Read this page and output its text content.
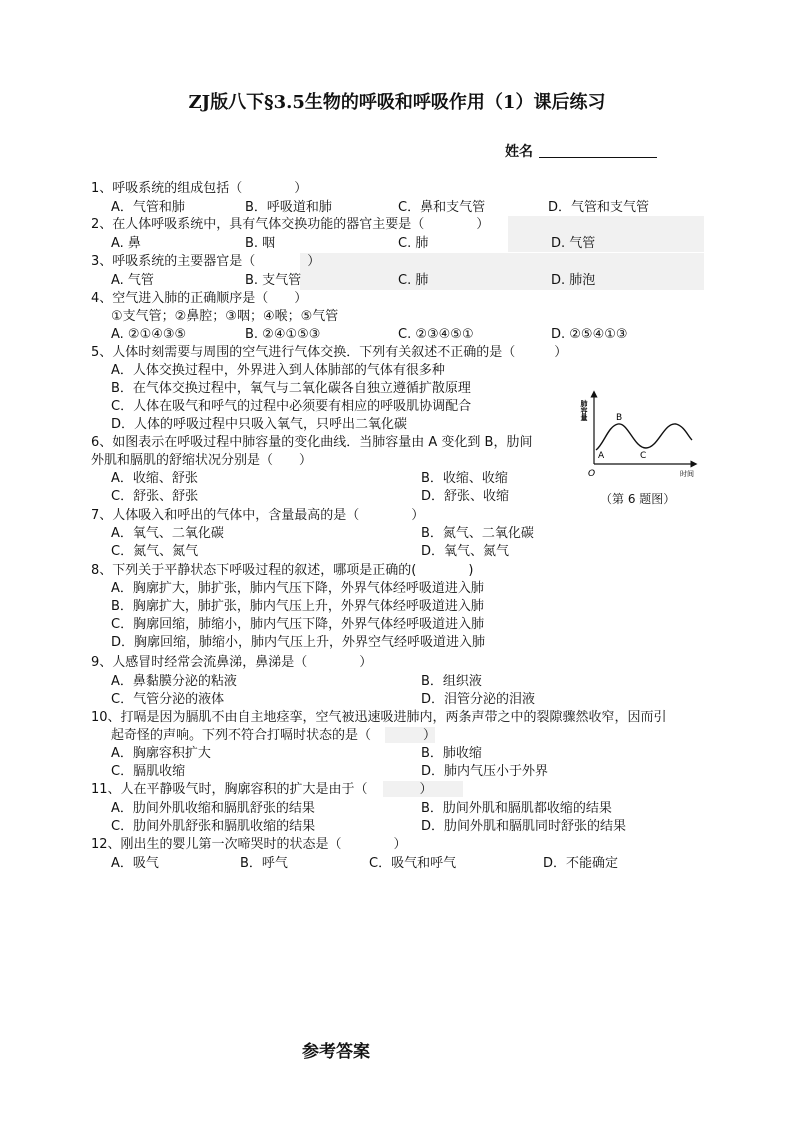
ZJ版八下§3.5生物的呼吸和呼吸作用（1）课后练习
姓名
1、呼吸系统的组成包括（　　　　）
A．气管和肺	B．呼吸道和肺	C．鼻和支气管	D．气管和支气管
2、在人体呼吸系统中，具有气体交换功能的器官主要是（　　　　）
A. 鼻	B. 咽	C. 肺	D. 气管
3、呼吸系统的主要器官是（　　　　）
A. 气管	B. 支气管	C. 肺	D. 肺泡
4、空气进入肺的正确顺序是（　　）
①支气管；②鼻腔；③咽；④喉；⑤气管
A. ②①④③⑤	B. ②④①⑤③	C. ②③④⑤①	D. ②⑤④①③
5、人体时刻需要与周围的空气进行气体交换．下列有关叙述不正确的是（　　　）
A．人体交换过程中，外界进入到人体肺部的气体有很多种
B．在气体交换过程中，氧气与二氧化碳各自独立遵循扩散原理
C．人体在吸气和呼气的过程中必须要有相应的呼吸肌协调配合
D．人体的呼吸过程中只吸入氧气，只呼出二氧化碳
6、如图表示在呼吸过程中肺容量的变化曲线．当肺容量由 A 变化到 B，肋间
外肌和膈肌的舒缩状况分别是（　　）
A．收缩、舒张	B．收缩、收缩
C．舒张、舒张	D．舒张、收缩
肺容量
时间
O
A
B
C
（第 6 题图）
7、人体吸入和呼出的气体中，含量最高的是（　　　　）
A．氧气、二氧化碳	B．氮气、二氧化碳
C．氮气、氮气	D．氧气、氮气
8、下列关于平静状态下呼吸过程的叙述，哪项是正确的(　　　　)
A．胸廓扩大，肺扩张，肺内气压下降，外界气体经呼吸道进入肺
B．胸廓扩大，肺扩张，肺内气压上升，外界气体经呼吸道进入肺
C．胸廓回缩，肺缩小，肺内气压下降，外界气体经呼吸道进入肺
D．胸廓回缩，肺缩小，肺内气压上升，外界空气经呼吸道进入肺
9、人感冒时经常会流鼻涕，鼻涕是（　　　　）
A．鼻黏膜分泌的粘液	B．组织液
C．气管分泌的液体	D．泪管分泌的泪液
10、打嗝是因为膈肌不由自主地痉挛，空气被迅速吸进肺内，两条声带之中的裂隙骤然收窄，因而引
起奇怪的声响。下列不符合打嗝时状态的是（　　　　）
A．胸廓容积扩大	B．肺收缩
C．膈肌收缩	D．肺内气压小于外界
11、人在平静吸气时，胸廓容积的扩大是由于（　　　　）
A．肋间外肌收缩和膈肌舒张的结果	B．肋间外肌和膈肌都收缩的结果
C．肋间外肌舒张和膈肌收缩的结果	D．肋间外肌和膈肌同时舒张的结果
12、刚出生的婴儿第一次啼哭时的状态是（　　　　）
A．吸气	B．呼气	C．吸气和呼气	D．不能确定
参考答案
